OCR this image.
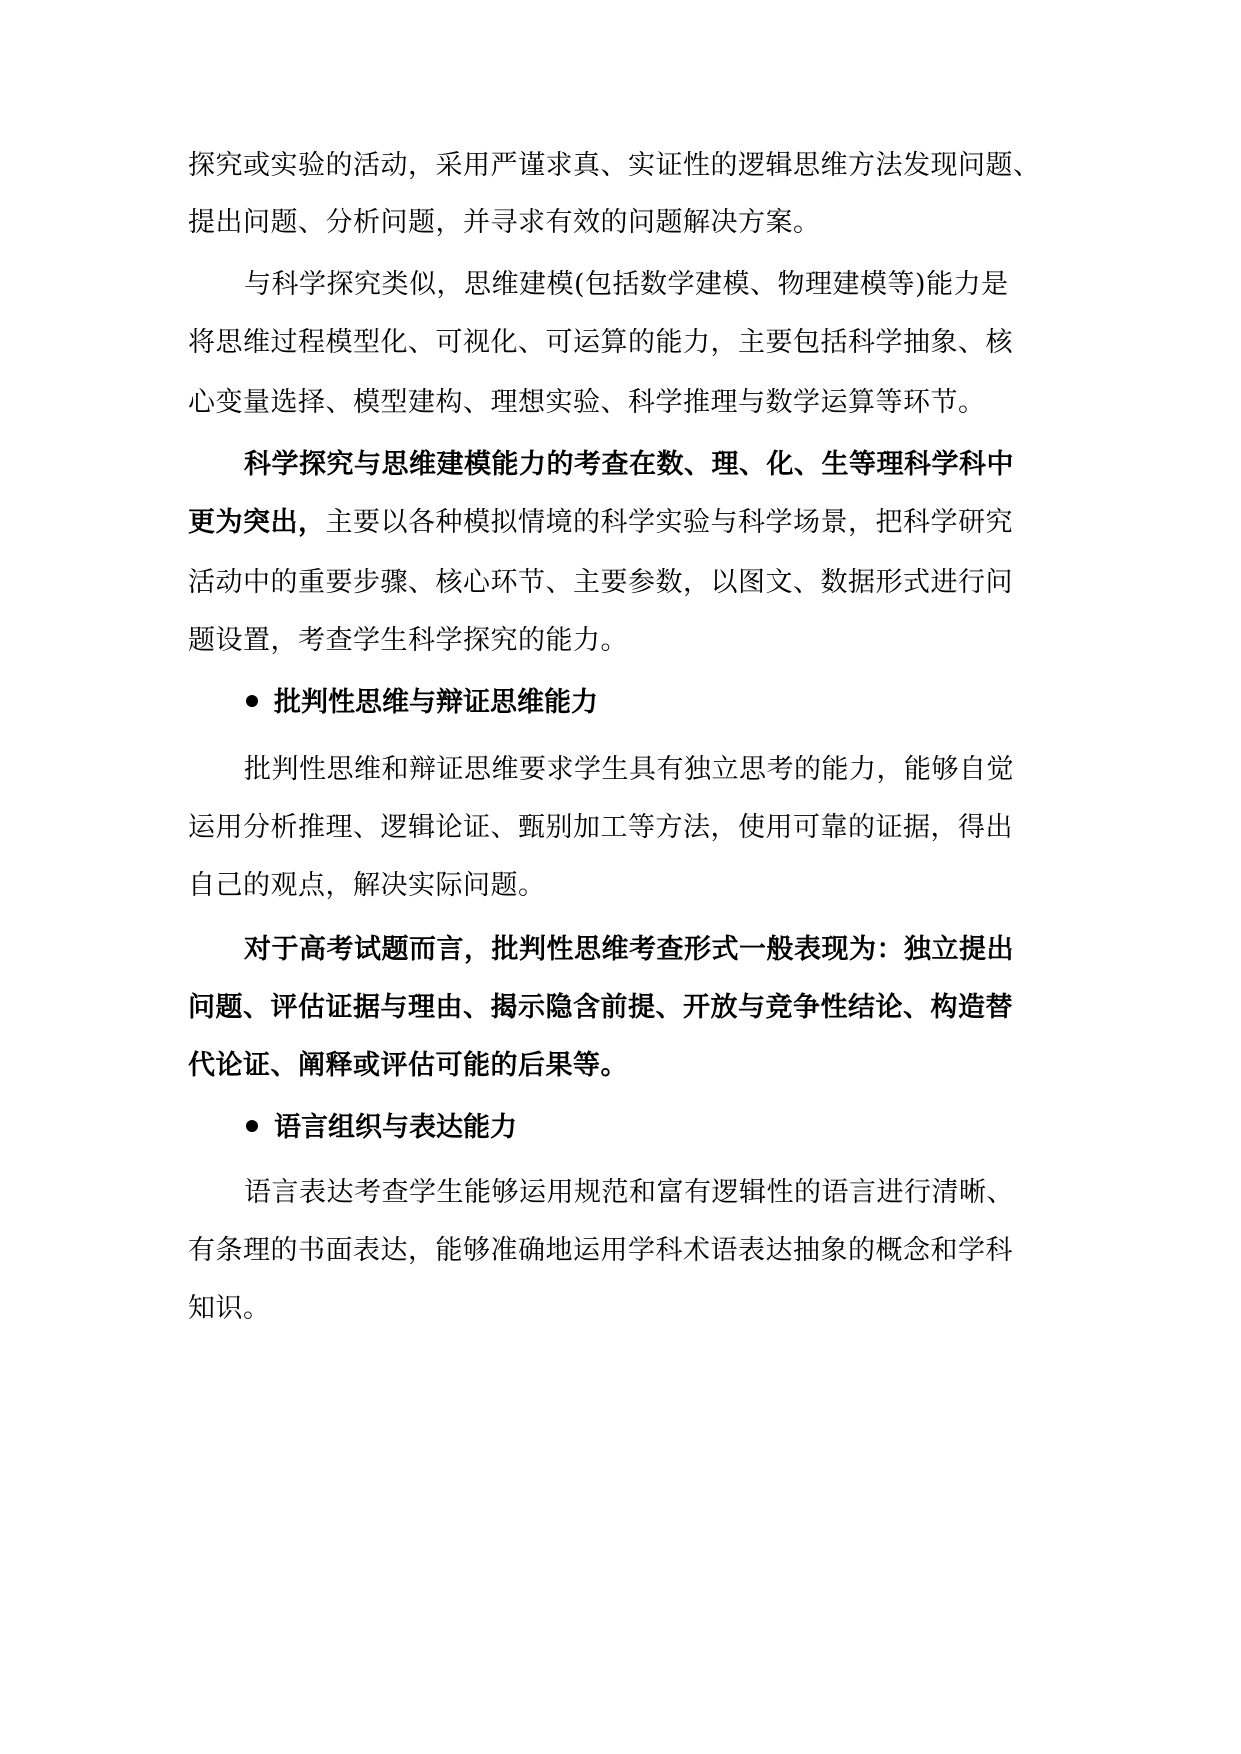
探究或实验的活动，采用严谨求真、实证性的逻辑思维方法发现问题、
提出问题、分析问题，并寻求有效的问题解决方案。
与科学探究类似，思维建模(包括数学建模、物理建模等)能力是
将思维过程模型化、可视化、可运算的能力，主要包括科学抽象、核
心变量选择、模型建构、理想实验、科学推理与数学运算等环节。
科学探究与思维建模能力的考查在数、理、化、生等理科学科中
更为突出，主要以各种模拟情境的科学实验与科学场景，把科学研究
活动中的重要步骤、核心环节、主要参数，以图文、数据形式进行问
题设置，考查学生科学探究的能力。
批判性思维与辩证思维能力
批判性思维和辩证思维要求学生具有独立思考的能力，能够自觉
运用分析推理、逻辑论证、甄别加工等方法，使用可靠的证据，得出
自己的观点，解决实际问题。
对于高考试题而言，批判性思维考查形式一般表现为：独立提出
问题、评估证据与理由、揭示隐含前提、开放与竞争性结论、构造替
代论证、阐释或评估可能的后果等。
语言组织与表达能力
语言表达考查学生能够运用规范和富有逻辑性的语言进行清晰、
有条理的书面表达，能够准确地运用学科术语表达抽象的概念和学科
知识。
